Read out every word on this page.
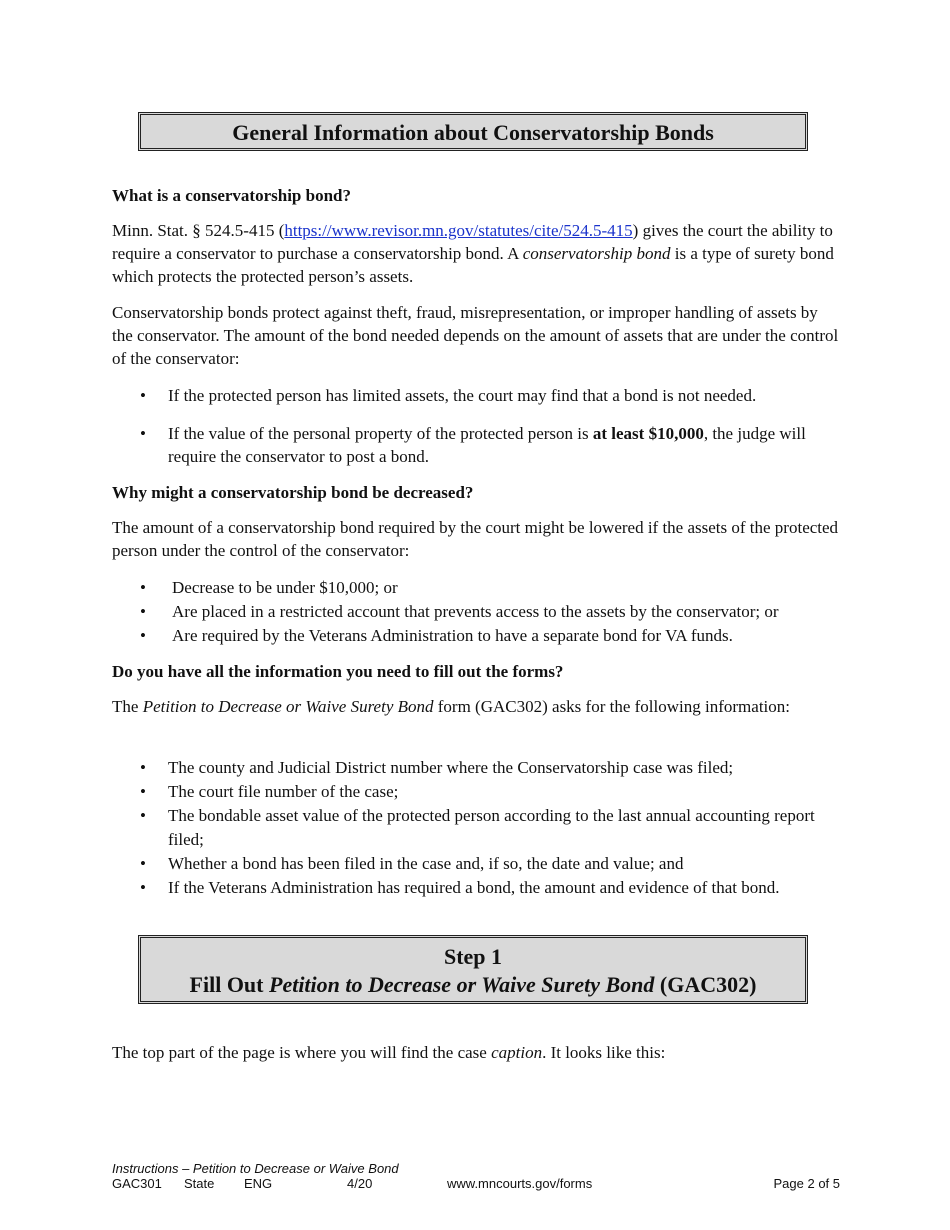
General Information about Conservatorship Bonds
What is a conservatorship bond?
Minn. Stat. § 524.5-415 (https://www.revisor.mn.gov/statutes/cite/524.5-415) gives the court the ability to require a conservator to purchase a conservatorship bond. A conservatorship bond is a type of surety bond which protects the protected person’s assets.
Conservatorship bonds protect against theft, fraud, misrepresentation, or improper handling of assets by the conservator. The amount of the bond needed depends on the amount of assets that are under the control of the conservator:
• If the protected person has limited assets, the court may find that a bond is not needed.
• If the value of the personal property of the protected person is at least $10,000, the judge will require the conservator to post a bond.
Why might a conservatorship bond be decreased?
The amount of a conservatorship bond required by the court might be lowered if the assets of the protected person under the control of the conservator:
• Decrease to be under $10,000; or
• Are placed in a restricted account that prevents access to the assets by the conservator; or
• Are required by the Veterans Administration to have a separate bond for VA funds.
Do you have all the information you need to fill out the forms?
The Petition to Decrease or Waive Surety Bond form (GAC302) asks for the following information:
• The county and Judicial District number where the Conservatorship case was filed;
• The court file number of the case;
• The bondable asset value of the protected person according to the last annual accounting report filed;
• Whether a bond has been filed in the case and, if so, the date and value; and
• If the Veterans Administration has required a bond, the amount and evidence of that bond.
Step 1
Fill Out Petition to Decrease or Waive Surety Bond (GAC302)
The top part of the page is where you will find the case caption. It looks like this:
Instructions – Petition to Decrease or Waive Bond
GAC301 State ENG	4/20	www.mncourts.gov/forms	Page 2 of 5
